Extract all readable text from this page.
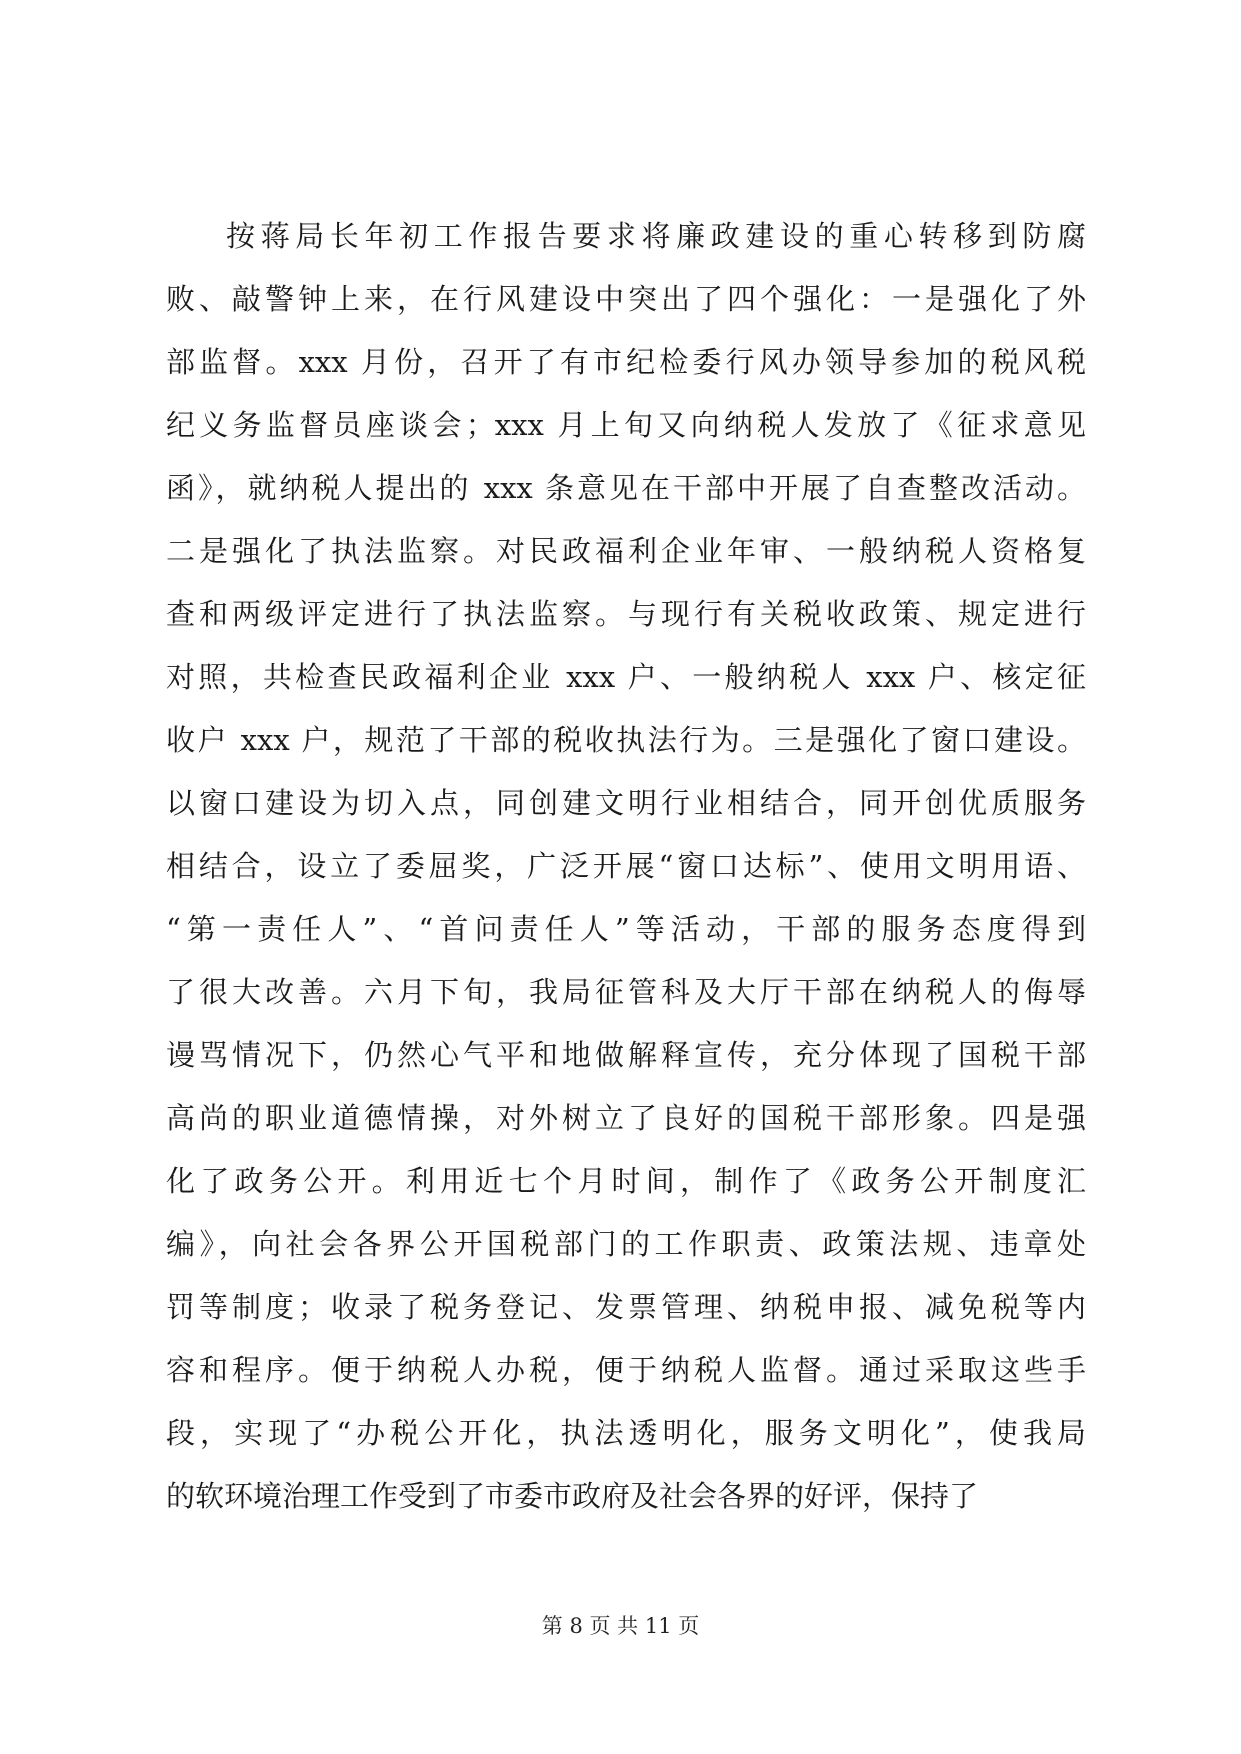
按蒋局长年初工作报告要求将廉政建设的重心转移到防腐
败、敲警钟上来，在行风建设中突出了四个强化：一是强化了外
部监督。xxx 月份，召开了有市纪检委行风办领导参加的税风税
纪义务监督员座谈会；xxx 月上旬又向纳税人发放了《征求意见
函》，就纳税人提出的 xxx 条意见在干部中开展了自查整改活动。
二是强化了执法监察。对民政福利企业年审、一般纳税人资格复
查和两级评定进行了执法监察。与现行有关税收政策、规定进行
对照，共检查民政福利企业 xxx 户、一般纳税人 xxx 户、核定征
收户 xxx 户，规范了干部的税收执法行为。三是强化了窗口建设。
以窗口建设为切入点，同创建文明行业相结合，同开创优质服务
相结合，设立了委屈奖，广泛开展“窗口达标”、使用文明用语、
“第一责任人”、“首问责任人”等活动，干部的服务态度得到
了很大改善。六月下旬，我局征管科及大厅干部在纳税人的侮辱
谩骂情况下，仍然心气平和地做解释宣传，充分体现了国税干部
高尚的职业道德情操，对外树立了良好的国税干部形象。四是强
化了政务公开。利用近七个月时间，制作了《政务公开制度汇
编》，向社会各界公开国税部门的工作职责、政策法规、违章处
罚等制度；收录了税务登记、发票管理、纳税申报、减免税等内
容和程序。便于纳税人办税，便于纳税人监督。通过采取这些手
段，实现了“办税公开化，执法透明化，服务文明化”，使我局
的软环境治理工作受到了市委市政府及社会各界的好评，保持了
第 8 页 共 11 页
